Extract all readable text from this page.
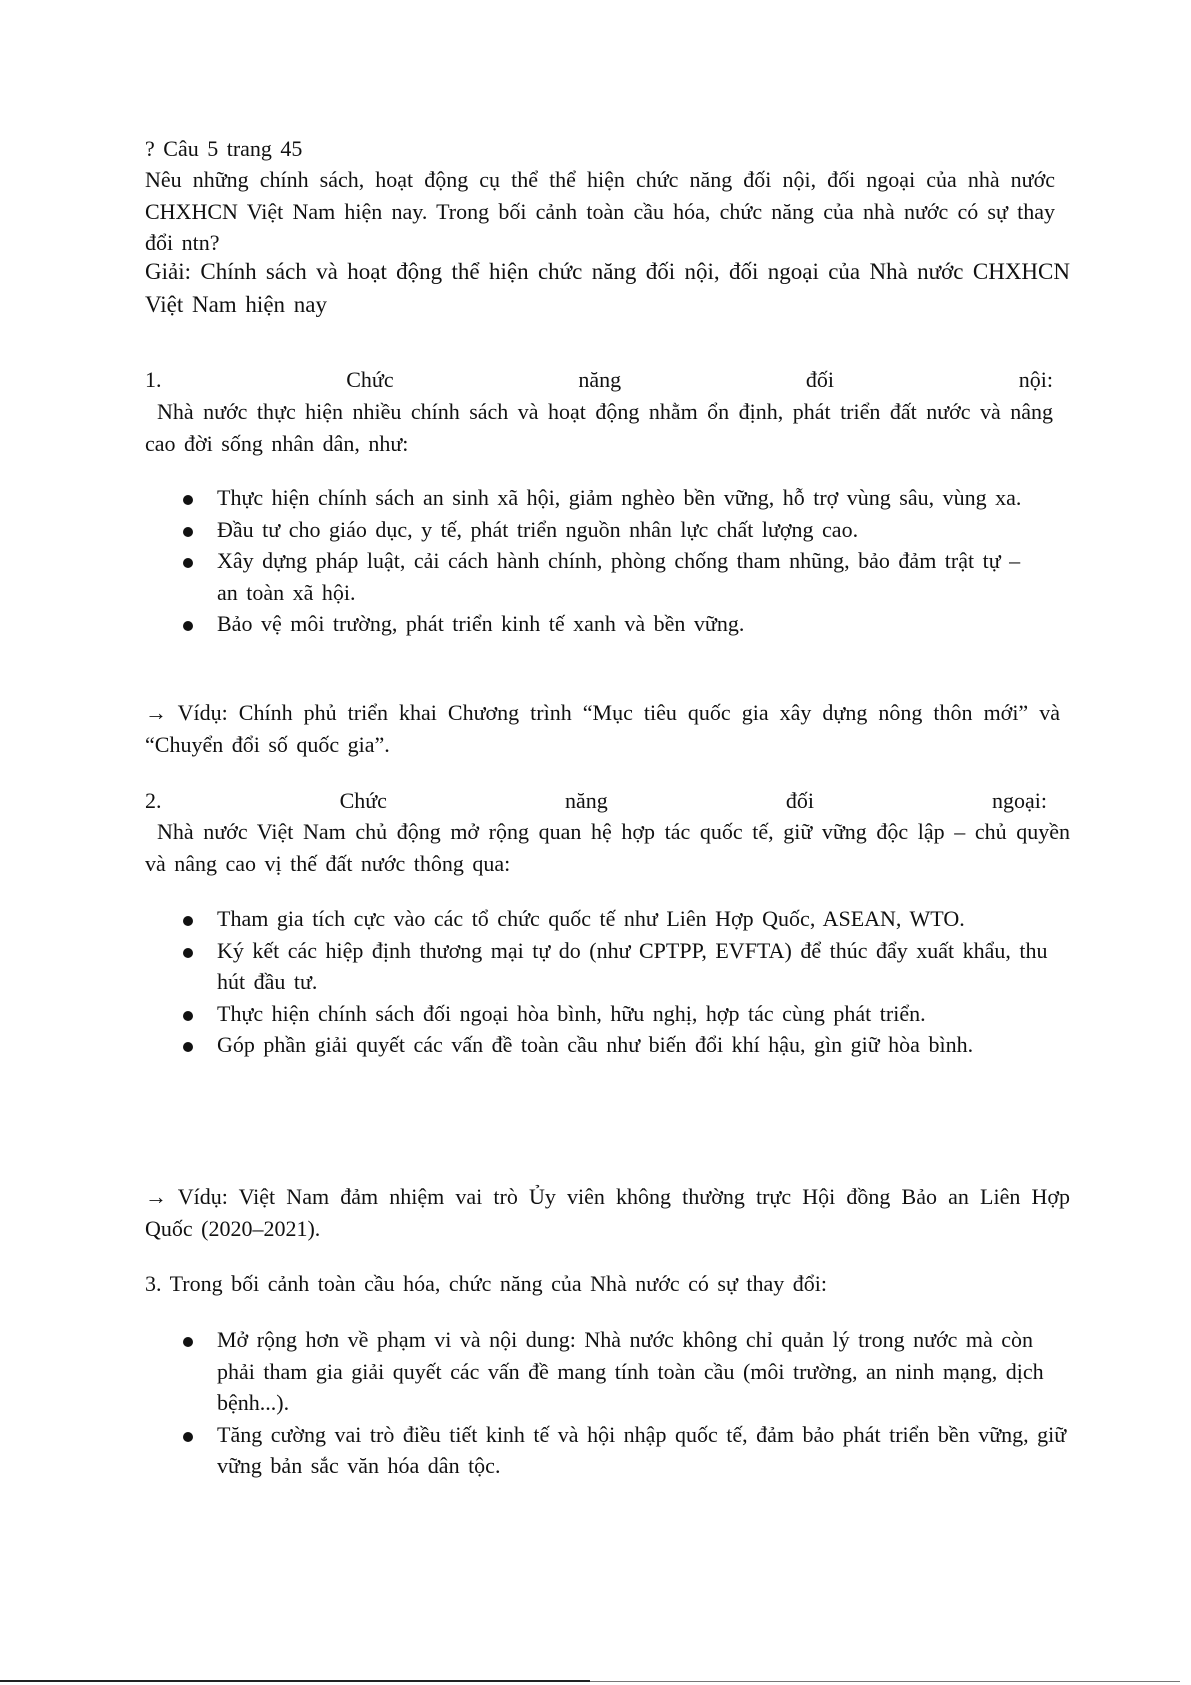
? Câu 5 trang 45

Nêu những chính sách, hoạt động cụ thể thể hiện chức năng đối nội, đối ngoại của nhà nước CHXHCN Việt Nam hiện nay. Trong bối cảnh toàn cầu hóa, chức năng của nhà nước có sự thay đổi ntn?

Giải: Chính sách và hoạt động thể hiện chức năng đối nội, đối ngoại của Nhà nước CHXHCN Việt Nam hiện nay

1. Chức năng đối nội:

Nhà nước thực hiện nhiều chính sách và hoạt động nhằm ổn định, phát triển đất nước và nâng cao đời sống nhân dân, như:

Thực hiện chính sách an sinh xã hội, giảm nghèo bền vững, hỗ trợ vùng sâu, vùng xa.
Đầu tư cho giáo dục, y tế, phát triển nguồn nhân lực chất lượng cao.
Xây dựng pháp luật, cải cách hành chính, phòng chống tham nhũng, bảo đảm trật tự – an toàn xã hội.
Bảo vệ môi trường, phát triển kinh tế xanh và bền vững.

→ Vídụ: Chính phủ triển khai Chương trình “Mục tiêu quốc gia xây dựng nông thôn mới” và “Chuyển đổi số quốc gia”.

2. Chức năng đối ngoại:

Nhà nước Việt Nam chủ động mở rộng quan hệ hợp tác quốc tế, giữ vững độc lập – chủ quyền và nâng cao vị thế đất nước thông qua:

Tham gia tích cực vào các tổ chức quốc tế như Liên Hợp Quốc, ASEAN, WTO.
Ký kết các hiệp định thương mại tự do (như CPTPP, EVFTA) để thúc đẩy xuất khẩu, thu hút đầu tư.
Thực hiện chính sách đối ngoại hòa bình, hữu nghị, hợp tác cùng phát triển.
Góp phần giải quyết các vấn đề toàn cầu như biến đổi khí hậu, gìn giữ hòa bình.

→ Vídụ: Việt Nam đảm nhiệm vai trò Ủy viên không thường trực Hội đồng Bảo an Liên Hợp Quốc (2020–2021).

3. Trong bối cảnh toàn cầu hóa, chức năng của Nhà nước có sự thay đổi:

Mở rộng hơn về phạm vi và nội dung: Nhà nước không chỉ quản lý trong nước mà còn phải tham gia giải quyết các vấn đề mang tính toàn cầu (môi trường, an ninh mạng, dịch bệnh...).
Tăng cường vai trò điều tiết kinh tế và hội nhập quốc tế, đảm bảo phát triển bền vững, giữ vững bản sắc văn hóa dân tộc.
